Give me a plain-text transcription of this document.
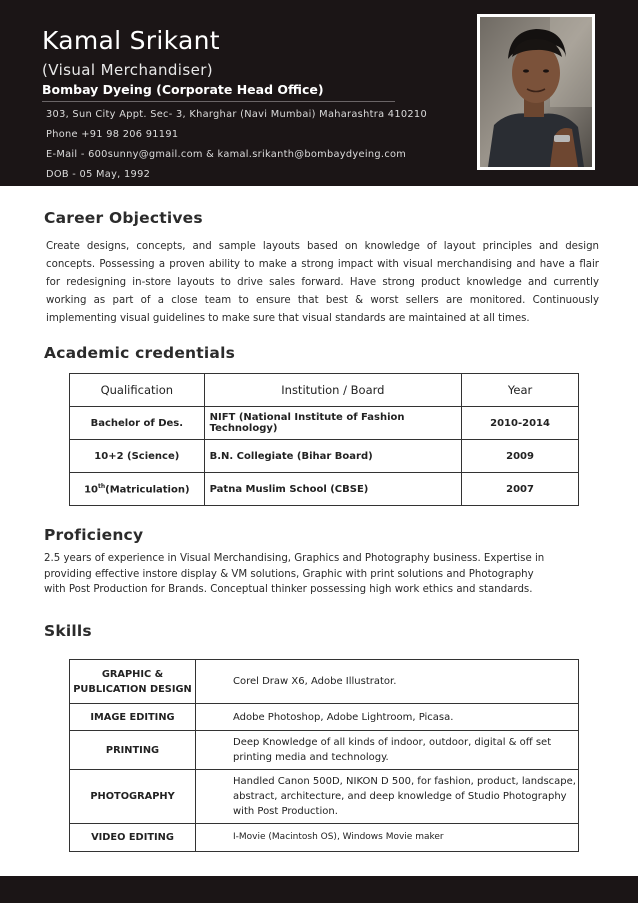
Kamal Srikant
(Visual Merchandiser)
Bombay Dyeing (Corporate Head Office)
303, Sun City Appt. Sec- 3, Kharghar (Navi Mumbai) Maharashtra 410210
Phone +91 98 206 91191
E-Mail - 600sunny@gmail.com & kamal.srikanth@bombaydyeing.com
DOB - 05 May, 1992
Career Objectives
Create designs, concepts, and sample layouts based on knowledge of layout principles and design concepts. Possessing a proven ability to make a strong impact with visual merchandising and have a flair for redesigning in-store layouts to drive sales forward. Have strong product knowledge and currently working as part of a close team to ensure that best & worst sellers are monitored. Continuously implementing visual guidelines to make sure that visual standards are maintained at all times.
Academic credentials
Qualification	Institution / Board	Year
Bachelor of Des.	NIFT (National Institute of Fashion Technology)	2010-2014
10+2 (Science)	B.N. Collegiate (Bihar Board)	2009
10th(Matriculation)	Patna Muslim School (CBSE)	2007
Proficiency
2.5 years of experience in Visual Merchandising, Graphics and Photography business. Expertise in providing effective instore display & VM solutions, Graphic with print solutions and Photography with Post Production for Brands. Conceptual thinker possessing high work ethics and standards.
Skills
GRAPHIC & PUBLICATION DESIGN	Corel Draw X6, Adobe Illustrator.
IMAGE EDITING	Adobe Photoshop, Adobe Lightroom, Picasa.
PRINTING	Deep Knowledge of all kinds of indoor, outdoor, digital & off set printing media and technology.
PHOTOGRAPHY	Handled Canon 500D, NIKON D 500, for fashion, product, landscape, abstract, architecture, and deep knowledge of Studio Photography with Post Production.
VIDEO EDITING	I-Movie (Macintosh OS), Windows Movie maker
